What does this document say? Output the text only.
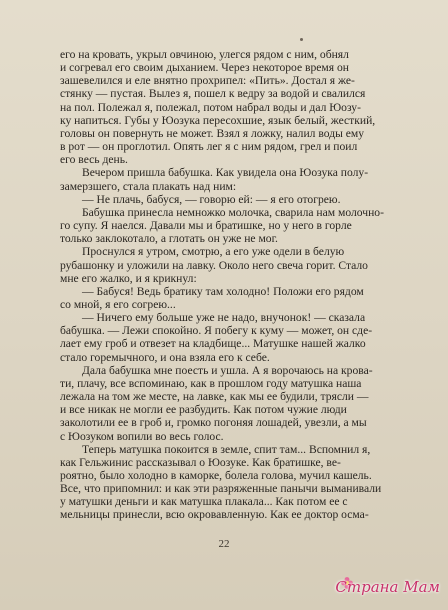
его на кровать, укрыл овчиною, улегся рядом с ним, обнял

и согревал его своим дыханием. Через некоторое время он

зашевелился и еле внятно прохрипел: «Пить». Достал я же-

стянку — пустая. Вылез я, пошел к ведру за водой и свалился

на пол. Полежал я, полежал, потом набрал воды и дал Юозу-

ку напиться. Губы у Юозука пересохшие, язык белый, жесткий,

головы он повернуть не может. Взял я ложку, налил воды ему

в рот — он проглотил. Опять лег я с ним рядом, грел и поил

его весь день.

Вечером пришла бабушка. Как увидела она Юозука полу-

замерзшего, стала плакать над ним:

— Не плачь, бабуся, — говорю ей: — я его отогрею.

Бабушка принесла немножко молочка, сварила нам молочно-

го супу. Я наелся. Давали мы и братишке, но у него в горле

только заклокотало, а глотать он уже не мог.

Проснулся я утром, смотрю, а его уже одели в белую

рубашонку и уложили на лавку. Около него свеча горит. Стало

мне его жалко, и я крикнул:

— Бабуся! Ведь братику там холодно! Положи его рядом

со мной, я его согрею...

— Ничего ему больше уже не надо, внучонок! — сказала

бабушка. — Лежи спокойно. Я побегу к куму — может, он сде-

лает ему гроб и отвезет на кладбище... Матушке нашей жалко

стало горемычного, и она взяла его к себе.

Дала бабушка мне поесть и ушла. А я ворочаюсь на крова-

ти, плачу, все вспоминаю, как в прошлом году матушка наша

лежала на том же месте, на лавке, как мы ее будили, трясли —

и все никак не могли ее разбудить. Как потом чужие люди

заколотили ее в гроб и, громко погоняя лошадей, увезли, а мы

с Юозуком вопили во весь голос.

Теперь матушка покоится в земле, спит там... Вспомнил я,

как Гельжинис рассказывал о Юозуке. Как братишке, ве-

роятно, было холодно в каморке, болела голова, мучил кашель.

Все, что припомнил: и как эти разряженные панычи выманивали

у матушки деньги и как матушка плакала... Как потом ее с

мельницы принесли, всю окровавленную. Как ее доктор осма-

22
Страна Мам
